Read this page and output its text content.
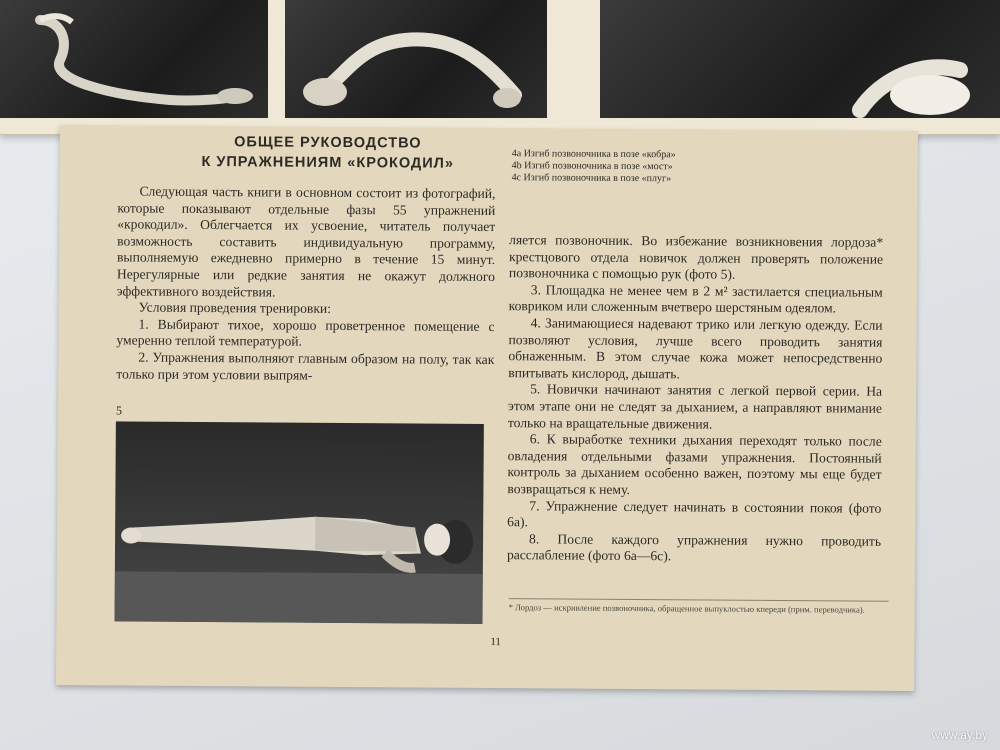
ОБЩЕЕ РУКОВОДСТВО
К УПРАЖНЕНИЯМ «КРОКОДИЛ»	4a Изгиб позвоночника в позе «кобра»
4b Изгиб позвоночника в позе «мост»
4c Изгиб позвоночника в позе «плуг»

Следующая часть книги в основном состоит из фотографий, которые показывают отдельные фазы 55 упражнений «крокодил». Облегчается их усвоение, читатель получает возможность составить индивидуальную программу, выполняемую ежедневно примерно в течение 15 минут. Нерегулярные или редкие занятия не окажут должного эффективного воздействия.

Условия проведения тренировки:

1. Выбирают тихое, хорошо проветренное помещение с умеренно теплой температурой.

2. Упражнения выполняют главным образом на полу, так как только при этом условии выпрям-

5

ляется позвоночник. Во избежание возникновения лордоза* крестцового отдела новичок должен проверять положение позвоночника с помощью рук (фото 5).

3. Площадка не менее чем в 2 м² застилается специальным ковриком или сложенным вчетверо шерстяным одеялом.

4. Занимающиеся надевают трико или легкую одежду. Если позволяют условия, лучше всего проводить занятия обнаженным. В этом случае кожа может непосредственно впитывать кислород, дышать.

5. Новички начинают занятия с легкой первой серии. На этом этапе они не следят за дыханием, а направляют внимание только на вращательные движения.

6. К выработке техники дыхания переходят только после овладения отдельными фазами упражнения. Постоянный контроль за дыханием особенно важен, поэтому мы еще будет возвращаться к нему.

7. Упражнение следует начинать в состоянии покоя (фото 6а).

8. После каждого упражнения нужно проводить расслабление (фото 6а—6с).

* Лордоз — искривление позвоночника, обращенное выпуклостью кпереди (прим. переводчика).
11
www.ay.by
